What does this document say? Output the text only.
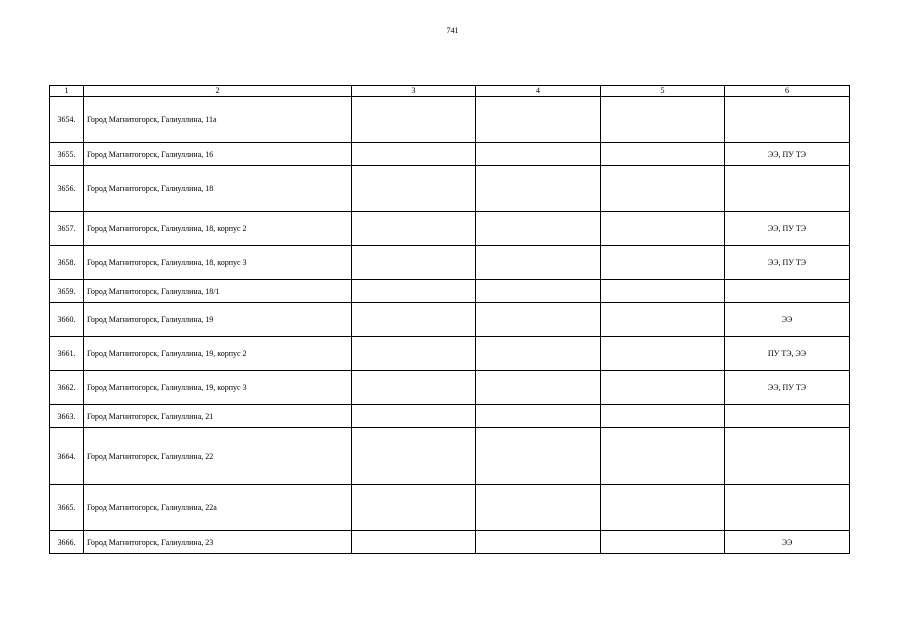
741
1	2	3	4	5	6
3654.	Город Магнитогорск, Галиуллина, 11а				
3655.	Город Магнитогорск, Галиуллина, 16				ЭЭ, ПУ ТЭ
3656.	Город Магнитогорск, Галиуллина, 18				
3657.	Город Магнитогорск, Галиуллина, 18, корпус 2				ЭЭ, ПУ ТЭ
3658.	Город Магнитогорск, Галиуллина, 18, корпус 3				ЭЭ, ПУ ТЭ
3659.	Город Магнитогорск, Галиуллина, 18/1				
3660.	Город Магнитогорск, Галиуллина, 19				ЭЭ
3661.	Город Магнитогорск, Галиуллина, 19, корпус 2				ПУ ТЭ, ЭЭ
3662.	Город Магнитогорск, Галиуллина, 19, корпус 3				ЭЭ, ПУ ТЭ
3663.	Город Магнитогорск, Галиуллина, 21				
3664.	Город Магнитогорск, Галиуллина, 22				
3665.	Город Магнитогорск, Галиуллина, 22а				
3666.	Город Магнитогорск, Галиуллина, 23				ЭЭ
